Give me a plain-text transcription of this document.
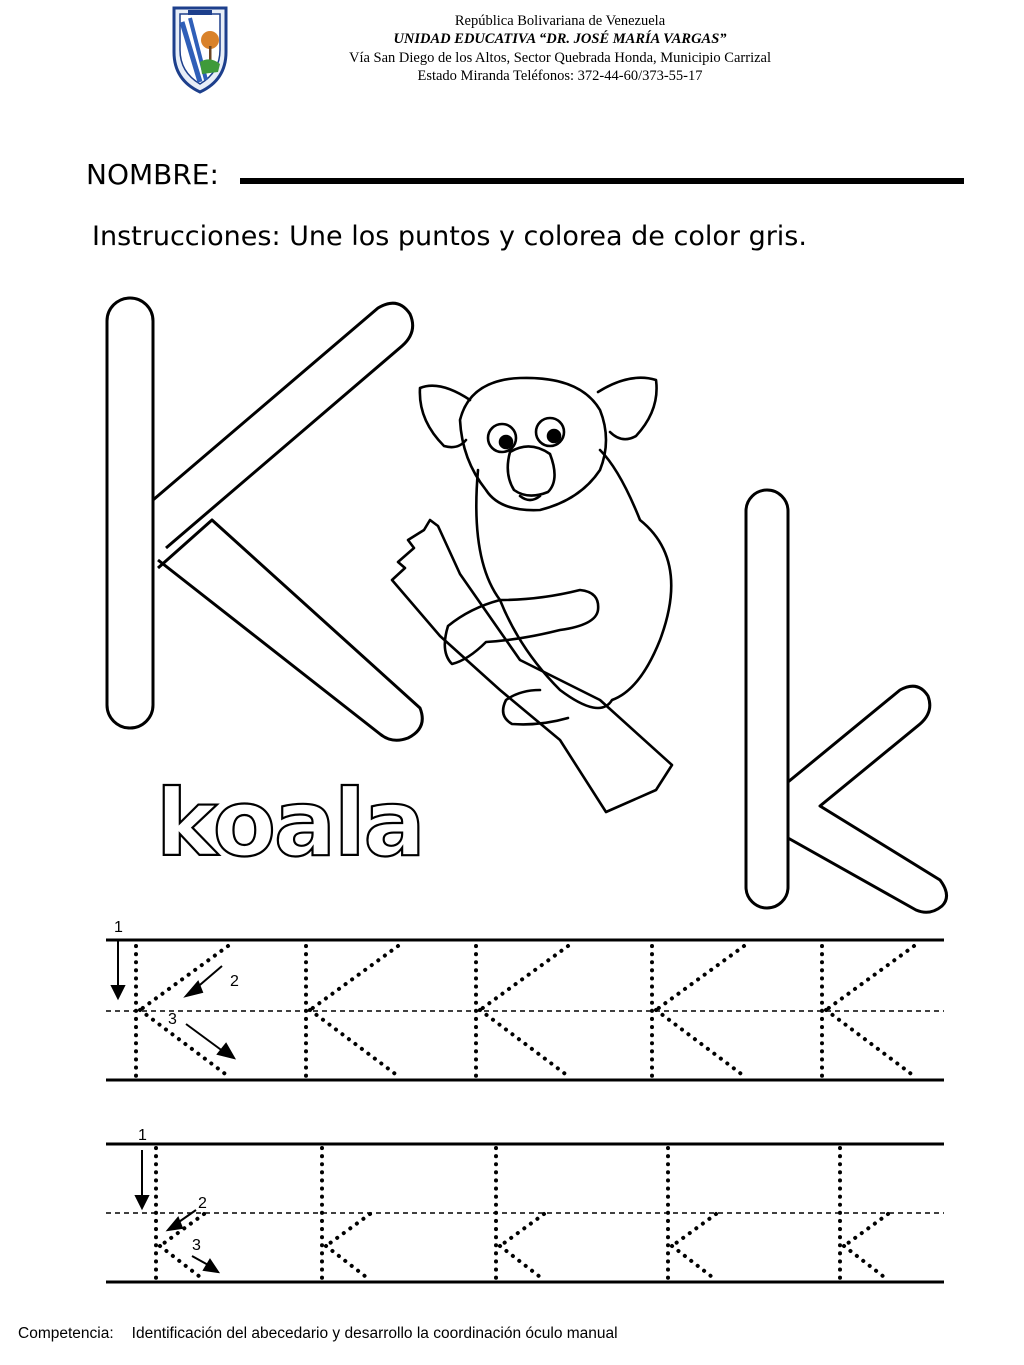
República Bolivariana de Venezuela
UNIDAD EDUCATIVA “DR. JOSÉ MARÍA VARGAS”
Vía San Diego de los Altos, Sector Quebrada Honda, Municipio Carrizal
Estado Miranda Teléfonos: 372-44-60/373-55-17
NOMBRE:
Instrucciones: Une los puntos y colorea de color gris.
koala
1
2
3
1
2
3
Competencia: Identificación del abecedario y desarrollo la coordinación óculo manual
